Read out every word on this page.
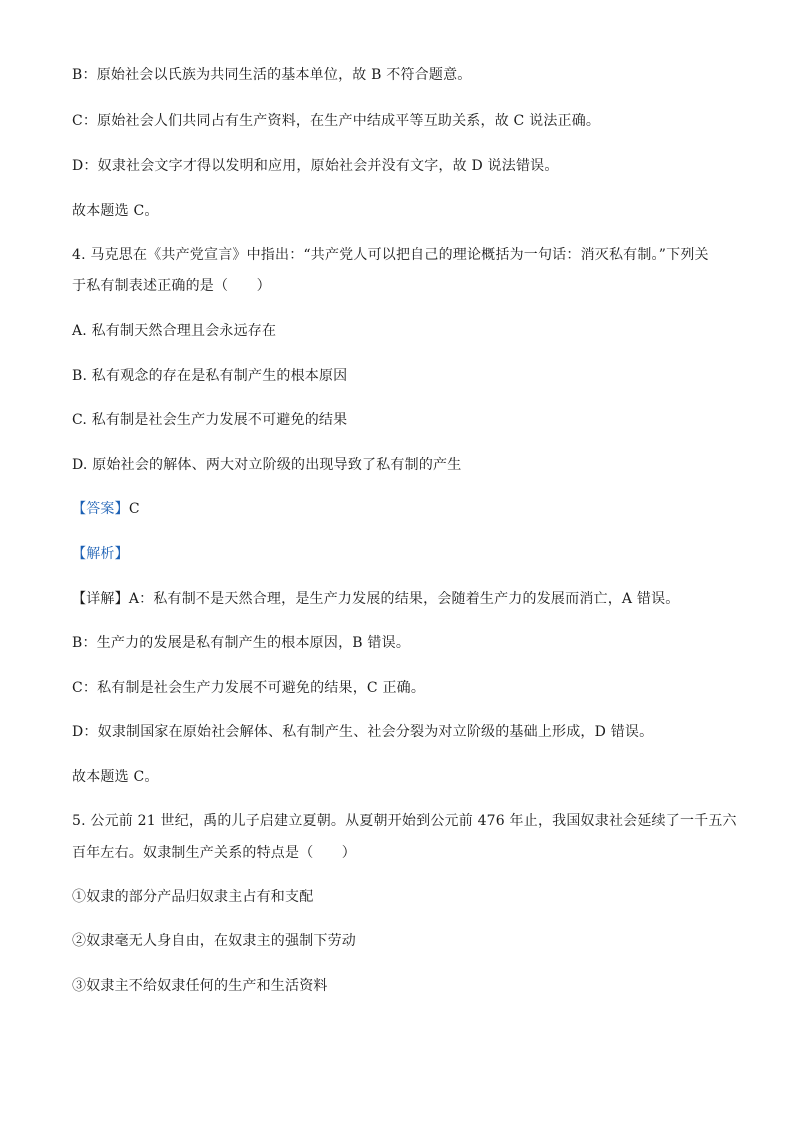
B：原始社会以氏族为共同生活的基本单位，故 B 不符合题意。
C：原始社会人们共同占有生产资料，在生产中结成平等互助关系，故 C 说法正确。
D：奴隶社会文字才得以发明和应用，原始社会并没有文字，故 D 说法错误。
故本题选 C。
4. 马克思在《共产党宣言》中指出：“共产党人可以把自己的理论概括为一句话：消灭私有制。”下列关
于私有制表述正确的是（　　）
A. 私有制天然合理且会永远存在
B. 私有观念的存在是私有制产生的根本原因
C. 私有制是社会生产力发展不可避免的结果
D. 原始社会的解体、两大对立阶级的出现导致了私有制的产生
【答案】C
【解析】
【详解】A：私有制不是天然合理，是生产力发展的结果，会随着生产力的发展而消亡，A 错误。
B：生产力的发展是私有制产生的根本原因，B 错误。
C：私有制是社会生产力发展不可避免的结果，C 正确。
D：奴隶制国家在原始社会解体、私有制产生、社会分裂为对立阶级的基础上形成，D 错误。
故本题选 C。
5. 公元前 21 世纪，禹的儿子启建立夏朝。从夏朝开始到公元前 476 年止，我国奴隶社会延续了一千五六
百年左右。奴隶制生产关系的特点是（　　）
①奴隶的部分产品归奴隶主占有和支配
②奴隶毫无人身自由，在奴隶主的强制下劳动
③奴隶主不给奴隶任何的生产和生活资料
